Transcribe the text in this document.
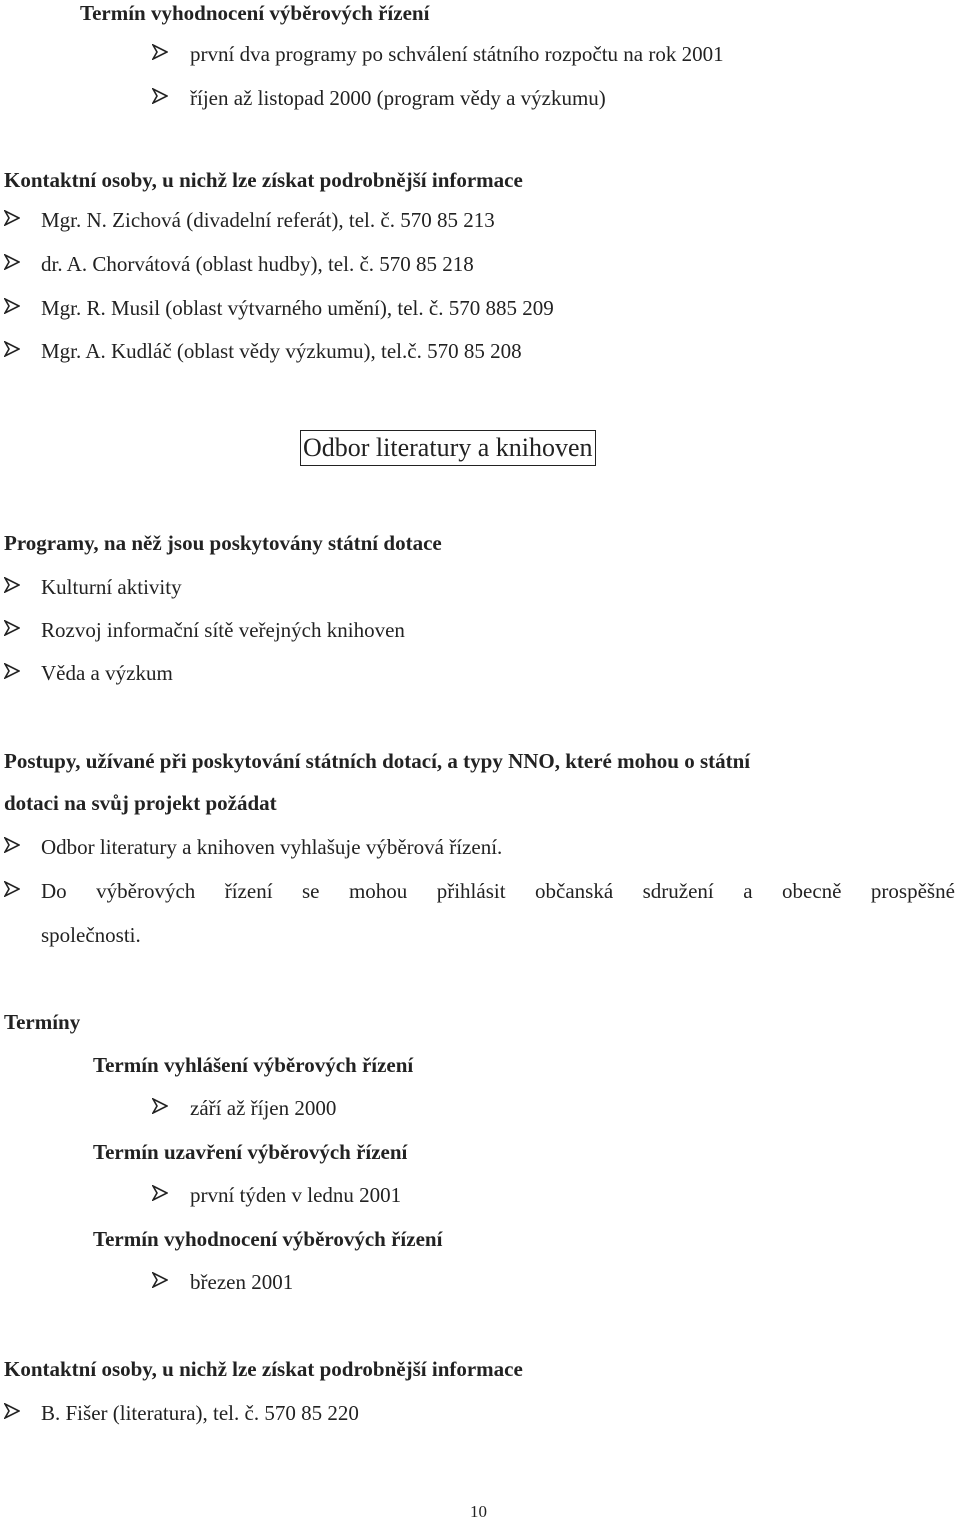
Termín vyhodnocení výběrových řízení
první dva programy po schválení státního rozpočtu na rok 2001
říjen až listopad 2000 (program vědy a výzkumu)
Kontaktní osoby, u nichž lze získat podrobnější informace
Mgr. N. Zichová (divadelní referát), tel. č. 570 85 213
dr. A. Chorvátová (oblast hudby), tel. č. 570 85 218
Mgr. R. Musil (oblast výtvarného umění), tel. č. 570 885 209
Mgr. A. Kudláč (oblast vědy výzkumu), tel.č. 570 85 208
Odbor literatury a knihoven
Programy, na něž jsou poskytovány státní dotace
Kulturní aktivity
Rozvoj informační sítě veřejných knihoven
Věda a výzkum
Postupy, užívané při poskytování státních dotací, a typy NNO, které mohou o státní
dotaci na svůj projekt požádat
Odbor literatury a knihoven vyhlašuje výběrová řízení.
Do výběrových řízení se mohou přihlásit občanská sdružení a obecně prospěšné
společnosti.
Termíny
Termín vyhlášení výběrových řízení
září až říjen 2000
Termín uzavření výběrových řízení
první týden v lednu 2001
Termín vyhodnocení výběrových řízení
březen 2001
Kontaktní osoby, u nichž lze získat podrobnější informace
B. Fišer (literatura), tel. č. 570 85 220
10
